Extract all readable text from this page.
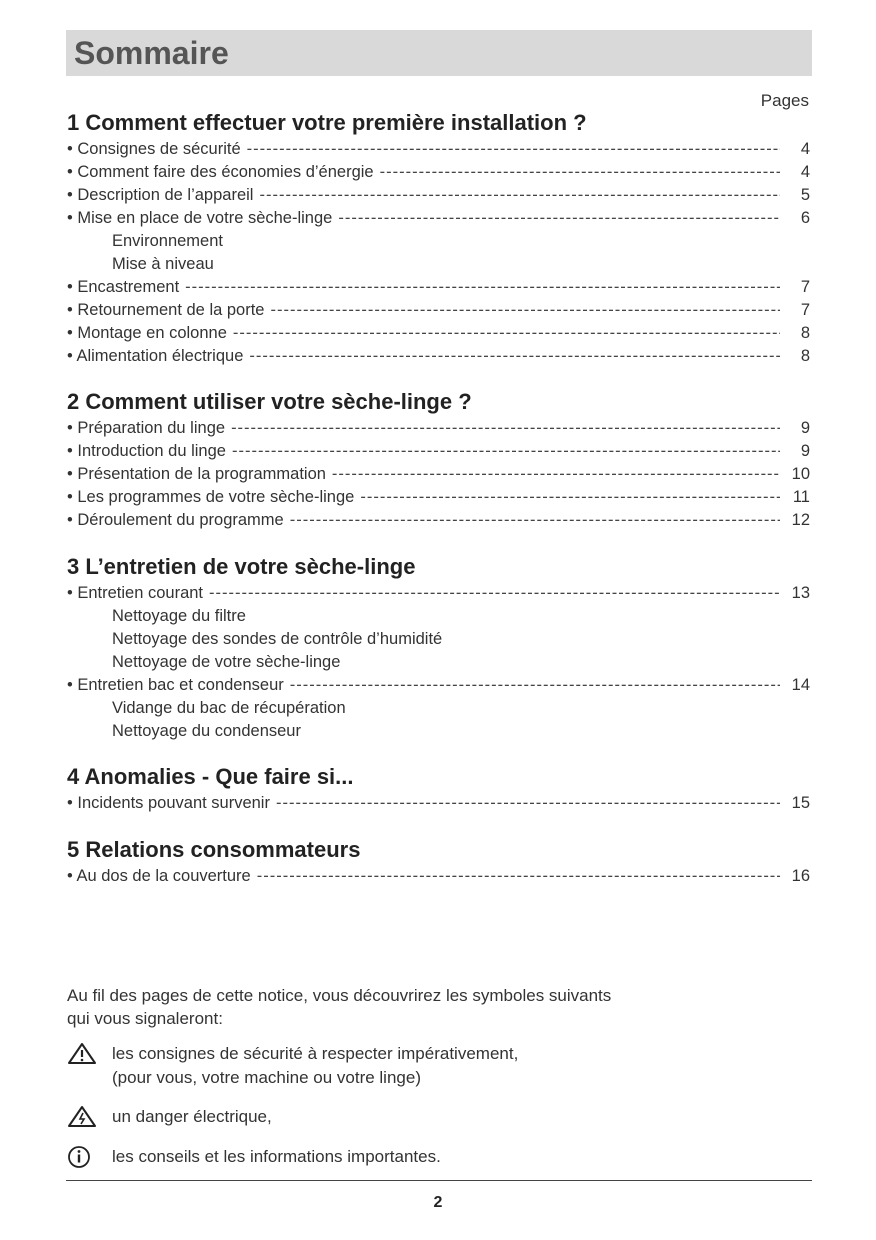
Sommaire
Pages
1 Comment effectuer votre première installation ?
• Consignes de sécurité -----	4
• Comment faire des économies d’énergie -----	4
• Description de l’appareil -----	5
• Mise en place de votre sèche-linge -----	6
Environnement
Mise à niveau
• Encastrement -----	7
• Retournement de la porte -----	7
• Montage en colonne -----	8
• Alimentation électrique -----	8
2 Comment utiliser votre sèche-linge ?
• Préparation du linge -----	9
• Introduction du linge -----	9
• Présentation de la programmation -----	10
• Les programmes de votre sèche-linge -----	11
• Déroulement du programme -----	12
3 L’entretien de votre sèche-linge
• Entretien courant -----	13
Nettoyage du filtre
Nettoyage des sondes de contrôle d’humidité
Nettoyage de votre sèche-linge
• Entretien bac et condenseur -----	14
Vidange du bac de récupération
Nettoyage du condenseur
4 Anomalies - Que faire si...
• Incidents pouvant survenir -----	15
5 Relations consommateurs
• Au dos de la couverture -----	16
Au fil des pages de cette notice, vous découvrirez les symboles suivants
qui vous signaleront:
les consignes de sécurité à respecter impérativement,
(pour vous, votre machine ou votre linge)
un danger électrique,
les conseils et les informations importantes.
2
